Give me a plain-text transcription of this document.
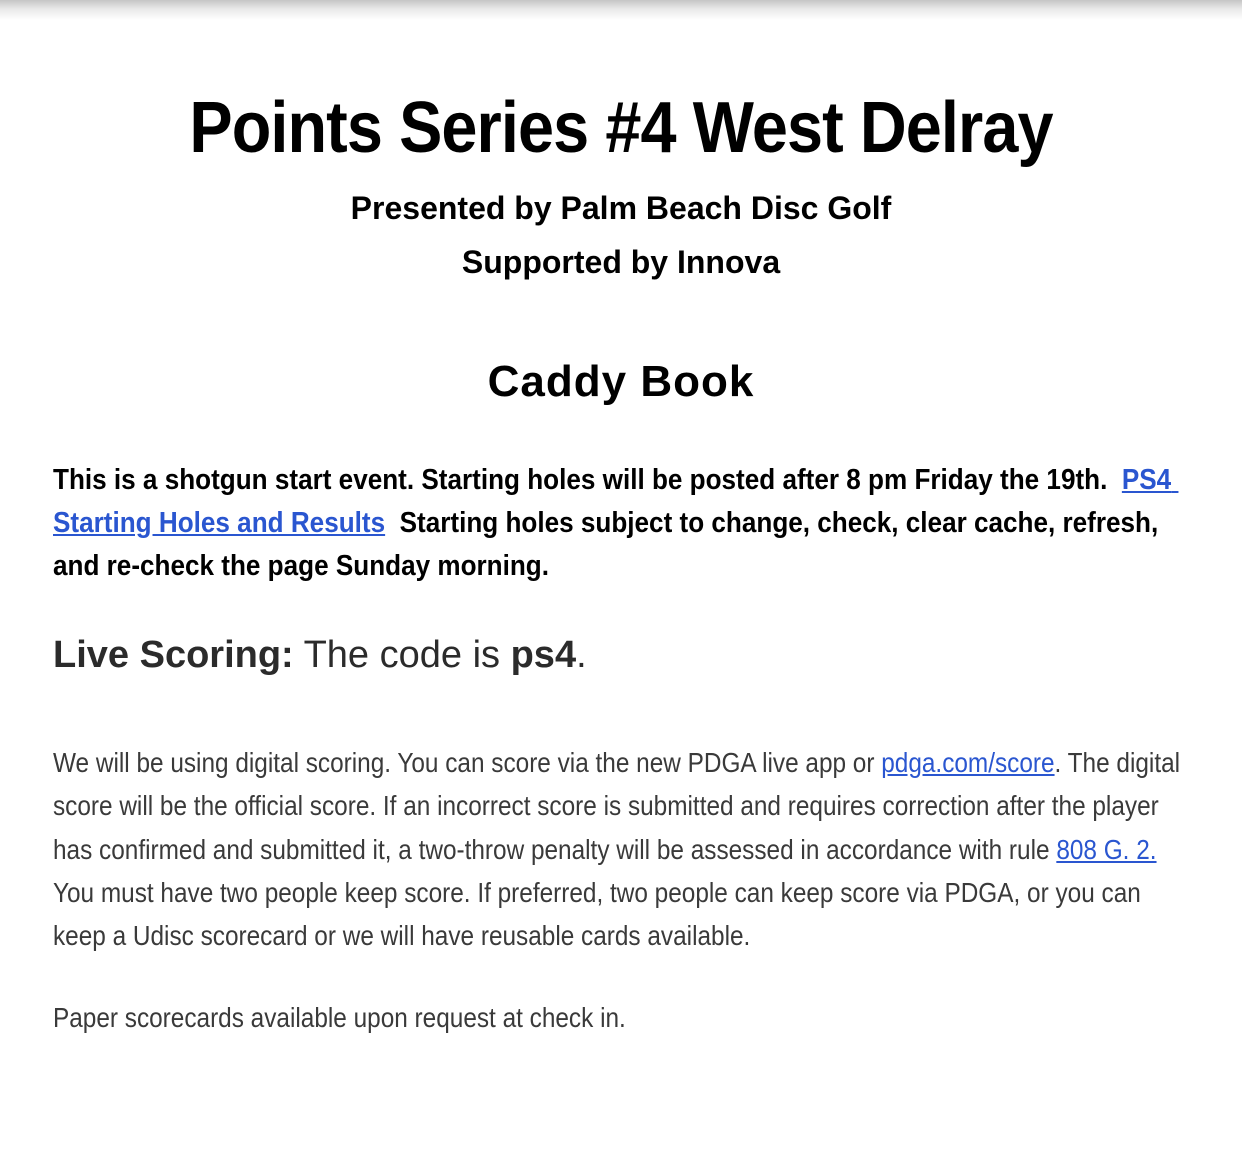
Points Series #4 West Delray
Presented by Palm Beach Disc Golf
Supported by Innova
Caddy Book

This is a shotgun start event. Starting holes will be posted after 8 pm Friday the 19th.  PS4 Starting Holes and Results  Starting holes subject to change, check, clear cache, refresh, and re-check the page Sunday morning.

Live Scoring: The code is ps4.

We will be using digital scoring. You can score via the new PDGA live app or pdga.com/score. The digital score will be the official score. If an incorrect score is submitted and requires correction after the player has confirmed and submitted it, a two-throw penalty will be assessed in accordance with rule 808 G. 2. You must have two people keep score. If preferred, two people can keep score via PDGA, or you can keep a Udisc scorecard or we will have reusable cards available.

Paper scorecards available upon request at check in.
